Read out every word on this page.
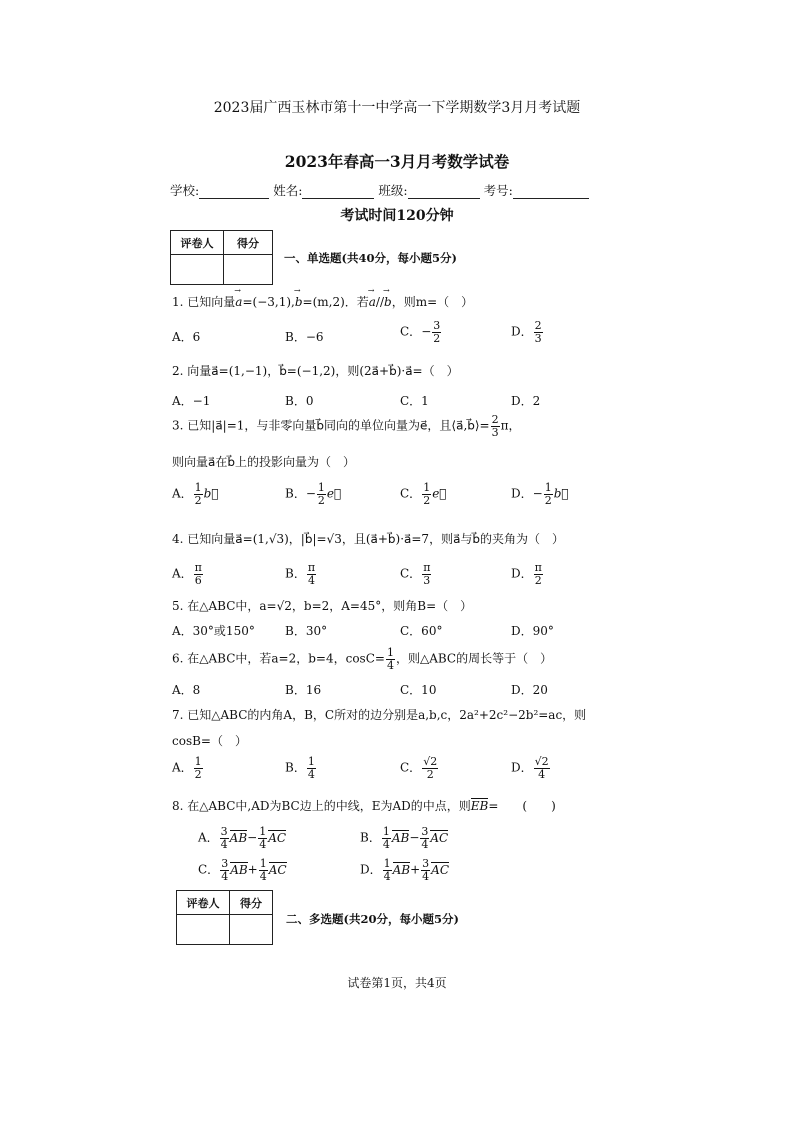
2023届广西玉林市第十一中学高一下学期数学3月月考试题
2023年春高一3月月考数学试卷
学校:	姓名:	班级:	考号:
考试时间120分钟
评卷人	得分

一、单选题(共40分，每小题5分)
1. 已知向量→ a=(−3,1),→ b=(m,2)．若→ a//→ b，则m=（　）
A．6	B．−6	C．− $\frac{3}{2}$	D． $\frac{2}{3}$
2. 向量a⃗=(1,−1)，b⃗=(−1,2)，则(2a⃗+b⃗)·a⃗=（　）
A．−1	B．0	C．1	D．2
3. 已知|a⃗|=1，与非零向量b⃗同向的单位向量为e⃗，且⟨a⃗,b⃗⟩= $\frac{2}{3}$ π，
则向量a⃗在b⃗上的投影向量为（　）
A． $\frac{1}{2}$ b⃗	B．− $\frac{1}{2}$ e⃗	C． $\frac{1}{2}$ e⃗	D．− $\frac{1}{2}$ b⃗
4. 已知向量a⃗=(1,√3)，|b⃗|=√3，且(a⃗+b⃗)·a⃗=7，则a⃗与b⃗的夹角为（　）
A． $\frac{\pi}{6}$	B． $\frac{\pi}{4}$	C． $\frac{\pi}{3}$	D． $\frac{\pi}{2}$
5. 在△ABC中，a=√2，b=2，A=45°，则角B=（　）
A．30°或150°	B．30°	C．60°	D．90°
6. 在△ABC中，若a=2，b=4，$\cos C= \frac{1}{4}$ ，则△ABC的周长等于（　）
A．8	B．16	C．10	D．20
7. 已知△ABC的内角A，B，C所对的边分别是a,b,c，2a²+2c²−2b²=ac，则
cosB=（　）
A． $\frac{1}{2}$	B． $\frac{1}{4}$	C． $\frac{√2}{2}$	D． $\frac{√2}{4}$
8. 在△ABC中,AD为BC边上的中线，E为AD的中点，则EB=　　(　　)
A． $\frac{3}{4} AB- \frac{1}{4}$ AC	B． $\frac{1}{4} AB- \frac{3}{4}$ AC
C． $\frac{3}{4} AB+ \frac{1}{4}$ AC	D． $\frac{1}{4} AB+ \frac{3}{4}$ AC
评卷人	得分

二、多选题(共20分，每小题5分)
试卷第1页，共4页
